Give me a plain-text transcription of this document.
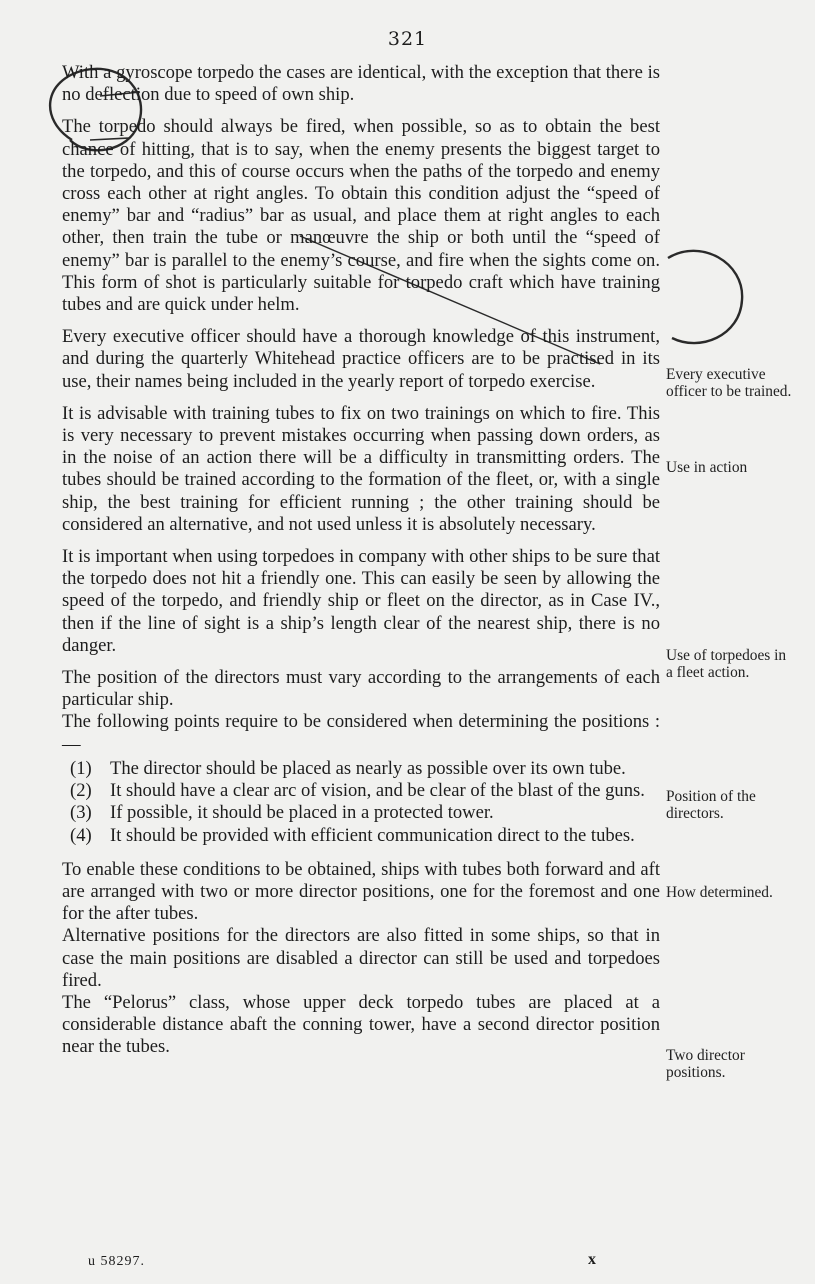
321

With a gyroscope torpedo the cases are identical, with the exception that there is no deflection due to speed of own ship.

The torpedo should always be fired, when possible, so as to obtain the best chance of hitting, that is to say, when the enemy presents the biggest target to the torpedo, and this of course occurs when the paths of the torpedo and enemy cross each other at right angles. To obtain this condition adjust the “speed of enemy” bar and “radius” bar as usual, and place them at right angles to each other, then train the tube or manœuvre the ship or both until the “speed of enemy” bar is parallel to the enemy’s course, and fire when the sights come on. This form of shot is particularly suitable for torpedo craft which have training tubes and are quick under helm.

Every executive officer should have a thorough knowledge of this instrument, and during the quarterly Whitehead practice officers are to be practised in its use, their names being included in the yearly report of torpedo exercise.

It is advisable with training tubes to fix on two trainings on which to fire. This is very necessary to prevent mistakes occurring when passing down orders, as in the noise of an action there will be a difficulty in transmitting orders. The tubes should be trained according to the formation of the fleet, or, with a single ship, the best training for efficient running ; the other training should be considered an alternative, and not used unless it is absolutely necessary.

It is important when using torpedoes in company with other ships to be sure that the torpedo does not hit a friendly one. This can easily be seen by allowing the speed of the torpedo, and friendly ship or fleet on the director, as in Case IV., then if the line of sight is a ship’s length clear of the nearest ship, there is no danger.

The position of the directors must vary according to the arrangements of each particular ship.

The following points require to be considered when determining the positions : —

(1) The director should be placed as nearly as possible over its own tube.
(2) It should have a clear arc of vision, and be clear of the blast of the guns.
(3) If possible, it should be placed in a protected tower.
(4) It should be provided with efficient communication direct to the tubes.

To enable these conditions to be obtained, ships with tubes both forward and aft are arranged with two or more director positions, one for the foremost and one for the after tubes.

Alternative positions for the directors are also fitted in some ships, so that in case the main positions are disabled a director can still be used and torpedoes fired.

The “Pelorus” class, whose upper deck torpedo tubes are placed at a considerable distance abaft the conning tower, have a second director position near the tubes.

Every executive officer to be trained.
Use in action
Use of torpedoes in a fleet action.
Position of the directors.
How determined.
Two director positions.
u 58297.	x
